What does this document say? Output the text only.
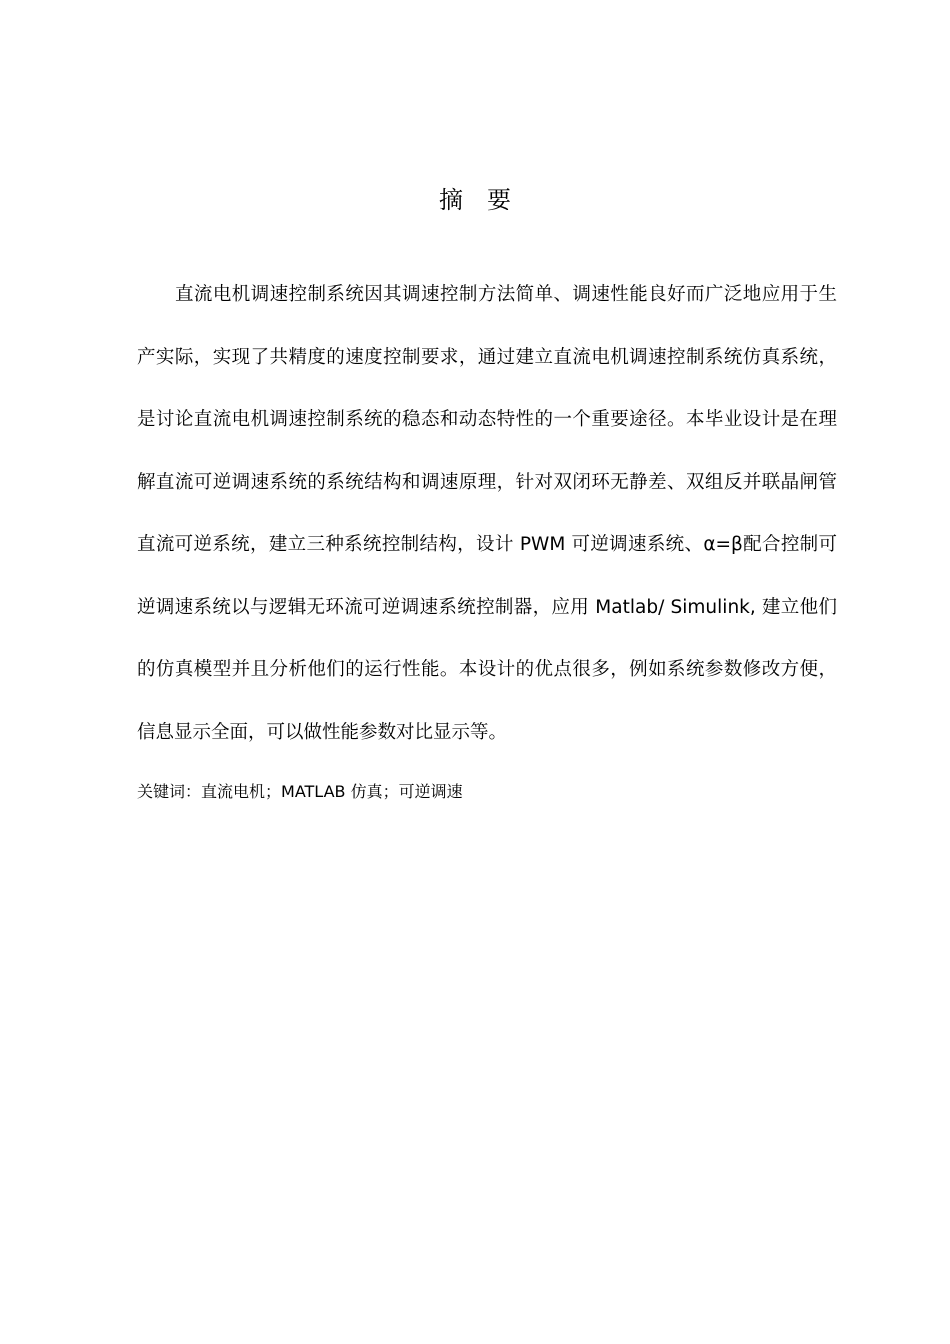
摘 要

直流电机调速控制系统因其调速控制方法简单、调速性能良好而广泛地应用于生产实际，实现了共精度的速度控制要求，通过建立直流电机调速控制系统仿真系统，是讨论直流电机调速控制系统的稳态和动态特性的一个重要途径。本毕业设计是在理解直流可逆调速系统的系统结构和调速原理，针对双闭环无静差、双组反并联晶闸管直流可逆系统，建立三种系统控制结构，设计 PWM 可逆调速系统、α=β配合控制可逆调速系统以与逻辑无环流可逆调速系统控制器，应用 Matlab/ Simulink, 建立他们的仿真模型并且分析他们的运行性能。本设计的优点很多，例如系统参数修改方便，信息显示全面，可以做性能参数对比显示等。

关键词：直流电机；MATLAB 仿真；可逆调速
